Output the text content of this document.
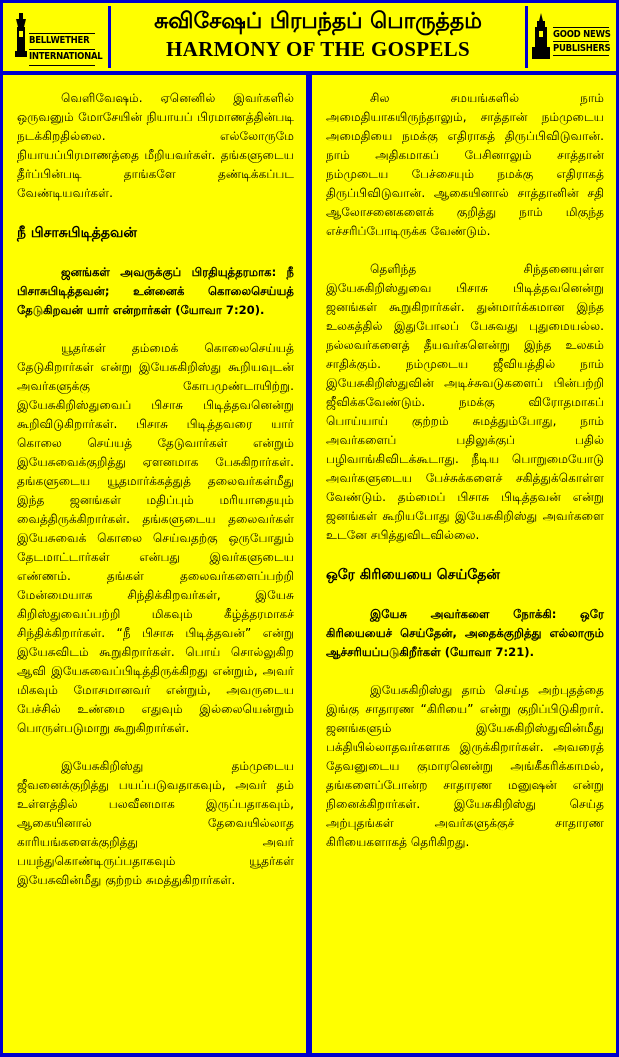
BELLWETHER
INTERNATIONAL
சுவிசேஷப் பிரபந்தப் பொருத்தம்
HARMONY OF THE GOSPELS
GOOD NEWS
PUBLISHERS

வெளிவேஷம். ஏனெனில் இவர்களில் ஒருவனும் மோசேயின் நியாயப் பிரமாணத்தின்படி நடக்கிறதில்லை. எல்லோருமே நியாயப்பிரமாணத்தை மீறியவர்கள். தங்களுடைய தீர்ப்பின்படி தாங்களே தண்டிக்கப்பட வேண்டியவர்கள்.

நீ பிசாசுபிடித்தவன்

ஜனங்கள் அவருக்குப் பிரதியுத்தரமாக: நீ பிசாசுபிடித்தவன்; உன்னைக் கொலைசெய்யத் தேடுகிறவன் யார் என்றார்கள் (யோவா 7:20).

யூதர்கள் தம்மைக் கொலைசெய்யத் தேடுகிறார்கள் என்று இயேசுகிறிஸ்து கூறியவுடன் அவர்களுக்கு கோபமுண்டாயிற்று. இயேசுகிறிஸ்துவைப் பிசாசு பிடித்தவனென்று கூறிவிடுகிறார்கள். பிசாசு பிடித்தவரை யார் கொலை செய்யத் தேடுவார்கள் என்றும் இயேசுவைக்குறித்து ஏளனமாக பேசுகிறார்கள். தங்களுடைய யூதமார்க்கத்துத் தலைவர்கள்மீது இந்த ஜனங்கள் மதிப்பும் மரியாதையும் வைத்திருக்கிறார்கள். தங்களுடைய தலைவர்கள் இயேசுவைக் கொலை செய்வதற்கு ஒருபோதும் தேடமாட்டார்கள் என்பது இவர்களுடைய எண்ணம். தங்கள் தலைவர்களைப்பற்றி மேன்மையாக சிந்திக்கிறவர்கள், இயேசு கிறிஸ்துவைப்பற்றி மிகவும் கீழ்த்தரமாகச் சிந்திக்கிறார்கள். “நீ பிசாசு பிடித்தவன்” என்று இயேசுவிடம் கூறுகிறார்கள். பொய் சொல்லுகிற ஆவி இயேசுவைப்பிடித்திருக்கிறது என்றும், அவர் மிகவும் மோசமானவர் என்றும், அவருடைய பேச்சில் உண்மை எதுவும் இல்லையென்றும் பொருள்படுமாறு கூறுகிறார்கள்.

இயேசுகிறிஸ்து தம்முடைய ஜீவனைக்குறித்து பயப்படுவதாகவும், அவர் தம் உள்ளத்தில் பலவீனமாக இருப்பதாகவும், ஆகையினால் தேவையில்லாத காரியங்களைக்குறித்து அவர் பயந்துகொண்டிருப்பதாகவும் யூதர்கள் இயேசுவின்மீது குற்றம் சுமத்துகிறார்கள்.

சில சமயங்களில் நாம் அமைதியாகயிருந்தாலும், சாத்தான் நம்முடைய அமைதியை நமக்கு எதிராகத் திருப்பிவிடுவான். நாம் அதிகமாகப் பேசினாலும் சாத்தான் நம்முடைய பேச்சையும் நமக்கு எதிராகத் திருப்பிவிடுவான். ஆகையினால் சாத்தானின் சதி ஆலோசனைகளைக் குறித்து நாம் மிகுந்த எச்சரிப்போடிருக்க வேண்டும்.

தெளிந்த சிந்தனையுள்ள இயேசுகிறிஸ்துவை பிசாசு பிடித்தவனென்று ஜனங்கள் கூறுகிறார்கள். துன்மார்க்கமான இந்த உலகத்தில் இதுபோலப் பேசுவது புதுமையல்ல. நல்லவர்களைத் தீயவர்களென்று இந்த உலகம் சாதிக்கும். நம்முடைய ஜீவியத்தில் நாம் இயேசுகிறிஸ்துவின் அடிச்சுவடுகளைப் பின்பற்றி ஜீவிக்கவேண்டும். நமக்கு விரோதமாகப் பொய்யாய் குற்றம் சுமத்தும்போது, நாம் அவர்களைப் பதிலுக்குப் பதில் பழிவாங்கிவிடக்கூடாது. நீடிய பொறுமையோடு அவர்களுடைய பேச்சுக்களைச் சகித்துக்கொள்ள வேண்டும். தம்மைப் பிசாசு பிடித்தவன் என்று ஜனங்கள் கூறியபோது இயேசுகிறிஸ்து அவர்களை உடனே சபித்துவிடவில்லை.

ஒரே கிரியையை செய்தேன்

இயேசு அவர்களை நோக்கி: ஒரே கிரியையைச் செய்தேன், அதைக்குறித்து எல்லாரும் ஆச்சரியப்படுகிறீர்கள் (யோவா 7:21).

இயேசுகிறிஸ்து தாம் செய்த அற்புதத்தை இங்கு சாதாரண “கிரியை” என்று குறிப்பிடுகிறார். ஜனங்களும் இயேசுகிறிஸ்துவின்மீது பக்தியில்லாதவர்களாக இருக்கிறார்கள். அவரைத் தேவனுடைய குமாரனென்று அங்கீகரிக்காமல், தங்களைப்போன்ற சாதாரண மனுஷன் என்று நினைக்கிறார்கள். இயேசுகிறிஸ்து செய்த அற்புதங்கள் அவர்களுக்குச் சாதாரண கிரியைகளாகத் தெரிகிறது.
